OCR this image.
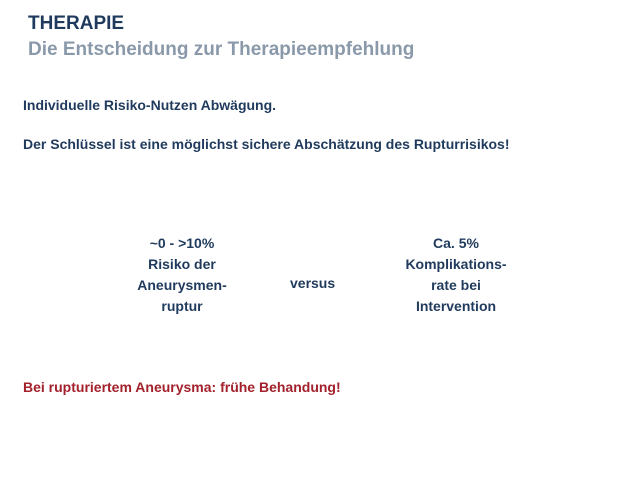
THERAPIE
Die Entscheidung zur Therapieempfehlung
Individuelle Risiko-Nutzen Abwägung.
Der Schlüssel ist eine möglichst sichere Abschätzung des Rupturrisikos!
~0 - >10%
Risiko der
Aneurysmen-
ruptur
versus
Ca. 5%
Komplikations-
rate bei
Intervention
Bei rupturiertem Aneurysma: frühe Behandung!
